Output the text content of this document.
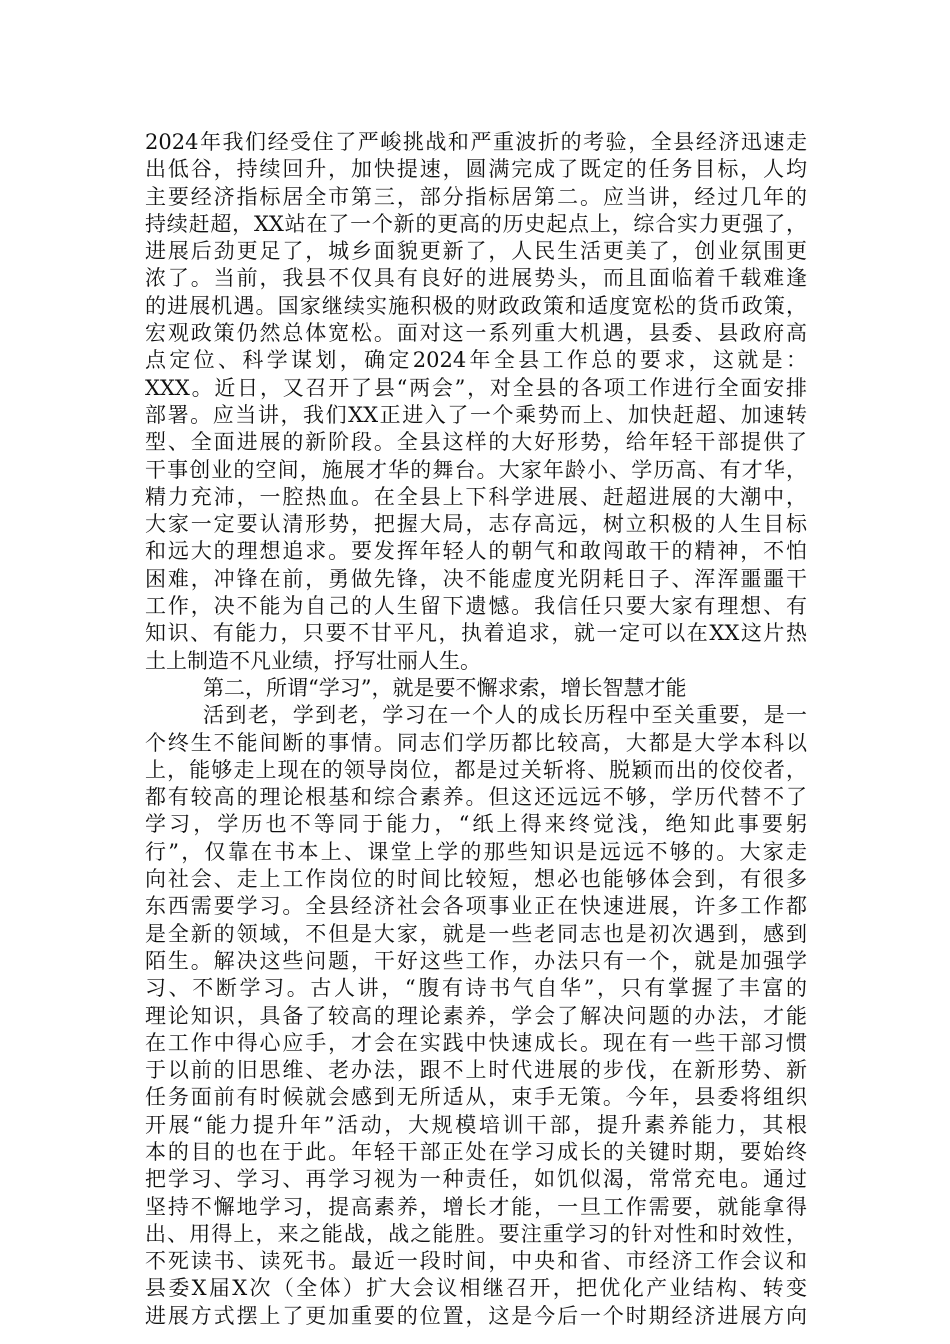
2024年我们经受住了严峻挑战和严重波折的考验，全县经济迅速走
出低谷，持续回升，加快提速，圆满完成了既定的任务目标，人均
主要经济指标居全市第三，部分指标居第二。应当讲，经过几年的
持续赶超，XX站在了一个新的更高的历史起点上，综合实力更强了，
进展后劲更足了，城乡面貌更新了，人民生活更美了，创业氛围更
浓了。当前，我县不仅具有良好的进展势头，而且面临着千载难逢
的进展机遇。国家继续实施积极的财政政策和适度宽松的货币政策，
宏观政策仍然总体宽松。面对这一系列重大机遇，县委、县政府高
点定位、科学谋划，确定2024年全县工作总的要求，这就是：
XXX。近日，又召开了县“两会”，对全县的各项工作进行全面安排
部署。应当讲，我们XX正进入了一个乘势而上、加快赶超、加速转
型、全面进展的新阶段。全县这样的大好形势，给年轻干部提供了
干事创业的空间，施展才华的舞台。大家年龄小、学历高、有才华，
精力充沛，一腔热血。在全县上下科学进展、赶超进展的大潮中，
大家一定要认清形势，把握大局，志存高远，树立积极的人生目标
和远大的理想追求。要发挥年轻人的朝气和敢闯敢干的精神，不怕
困难，冲锋在前，勇做先锋，决不能虚度光阴耗日子、浑浑噩噩干
工作，决不能为自己的人生留下遗憾。我信任只要大家有理想、有
知识、有能力，只要不甘平凡，执着追求，就一定可以在XX这片热
土上制造不凡业绩，抒写壮丽人生。
第二，所谓“学习”，就是要不懈求索，增长智慧才能
活到老，学到老，学习在一个人的成长历程中至关重要，是一
个终生不能间断的事情。同志们学历都比较高，大都是大学本科以
上，能够走上现在的领导岗位，都是过关斩将、脱颖而出的佼佼者，
都有较高的理论根基和综合素养。但这还远远不够，学历代替不了
学习，学历也不等同于能力，“纸上得来终觉浅，绝知此事要躬
行”，仅靠在书本上、课堂上学的那些知识是远远不够的。大家走
向社会、走上工作岗位的时间比较短，想必也能够体会到，有很多
东西需要学习。全县经济社会各项事业正在快速进展，许多工作都
是全新的领域，不但是大家，就是一些老同志也是初次遇到，感到
陌生。解决这些问题，干好这些工作，办法只有一个，就是加强学
习、不断学习。古人讲，“腹有诗书气自华”，只有掌握了丰富的
理论知识，具备了较高的理论素养，学会了解决问题的办法，才能
在工作中得心应手，才会在实践中快速成长。现在有一些干部习惯
于以前的旧思维、老办法，跟不上时代进展的步伐，在新形势、新
任务面前有时候就会感到无所适从，束手无策。今年，县委将组织
开展“能力提升年”活动，大规模培训干部，提升素养能力，其根
本的目的也在于此。年轻干部正处在学习成长的关键时期，要始终
把学习、学习、再学习视为一种责任，如饥似渴，常常充电。通过
坚持不懈地学习，提高素养，增长才能，一旦工作需要，就能拿得
出、用得上，来之能战，战之能胜。要注重学习的针对性和时效性，
不死读书、读死书。最近一段时间，中央和省、市经济工作会议和
县委X届X次（全体）扩大会议相继召开，把优化产业结构、转变
进展方式摆上了更加重要的位置，这是今后一个时期经济进展方向
